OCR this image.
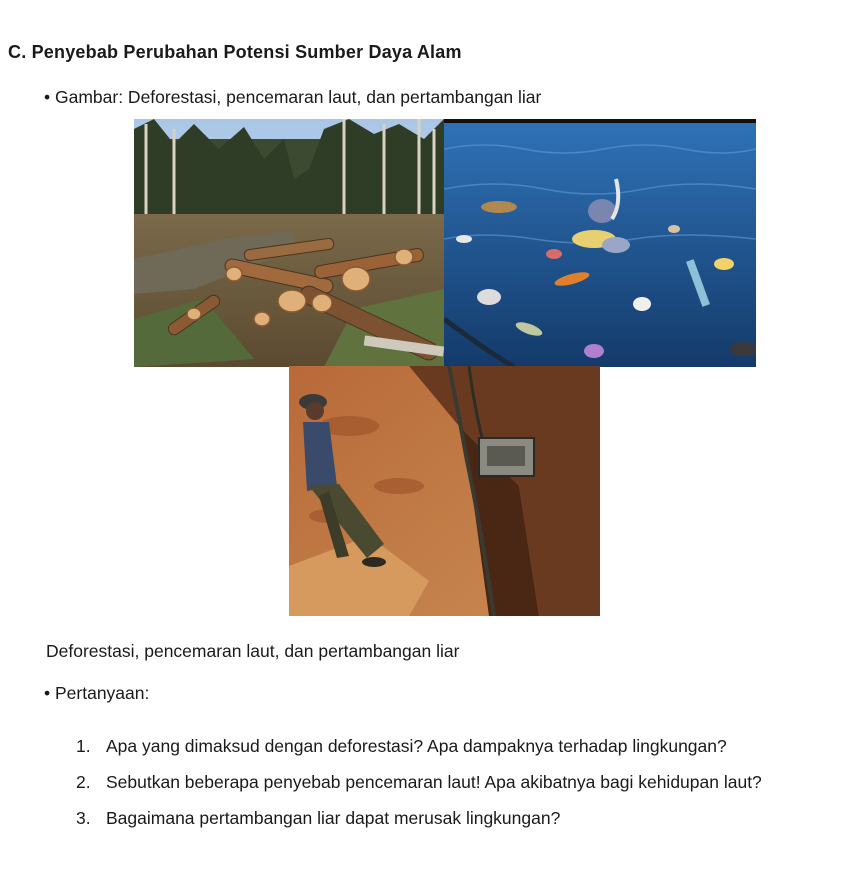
C. Penyebab Perubahan Potensi Sumber Daya Alam
• Gambar: Deforestasi, pencemaran laut, dan pertambangan liar
Deforestasi, pencemaran laut, dan pertambangan liar
• Pertanyaan:
1. Apa yang dimaksud dengan deforestasi? Apa dampaknya terhadap lingkungan?
2. Sebutkan beberapa penyebab pencemaran laut! Apa akibatnya bagi kehidupan laut?
3. Bagaimana pertambangan liar dapat merusak lingkungan?
